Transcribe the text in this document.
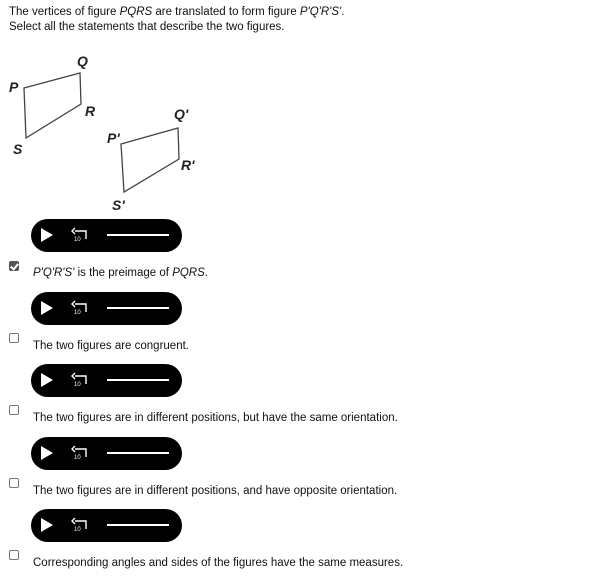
The vertices of figure PQRS are translated to form figure P'Q'R'S'.
Select all the statements that describe the two figures.
P
Q
R
S
P'
Q'
R'
S'
10
P'Q'R'S' is the preimage of PQRS.
10
The two figures are congruent.
10
The two figures are in different positions, but have the same orientation.
10
The two figures are in different positions, and have opposite orientation.
10
Corresponding angles and sides of the figures have the same measures.
